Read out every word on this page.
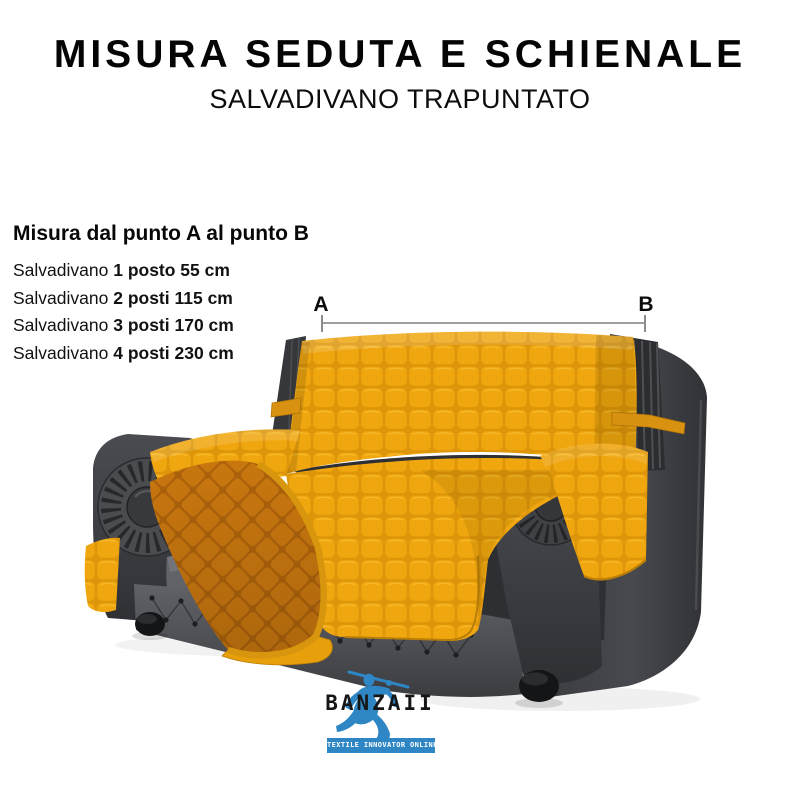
A	B
MISURA SEDUTA E SCHIENALE
SALVADIVANO TRAPUNTATO
Misura dal punto A al punto B
Salvadivano 1 posto 55 cm
Salvadivano 2 posti 115 cm
Salvadivano 3 posti 170 cm
Salvadivano 4 posti 230 cm
BANZAII
TEXTILE INNOVATOR ONLINE
